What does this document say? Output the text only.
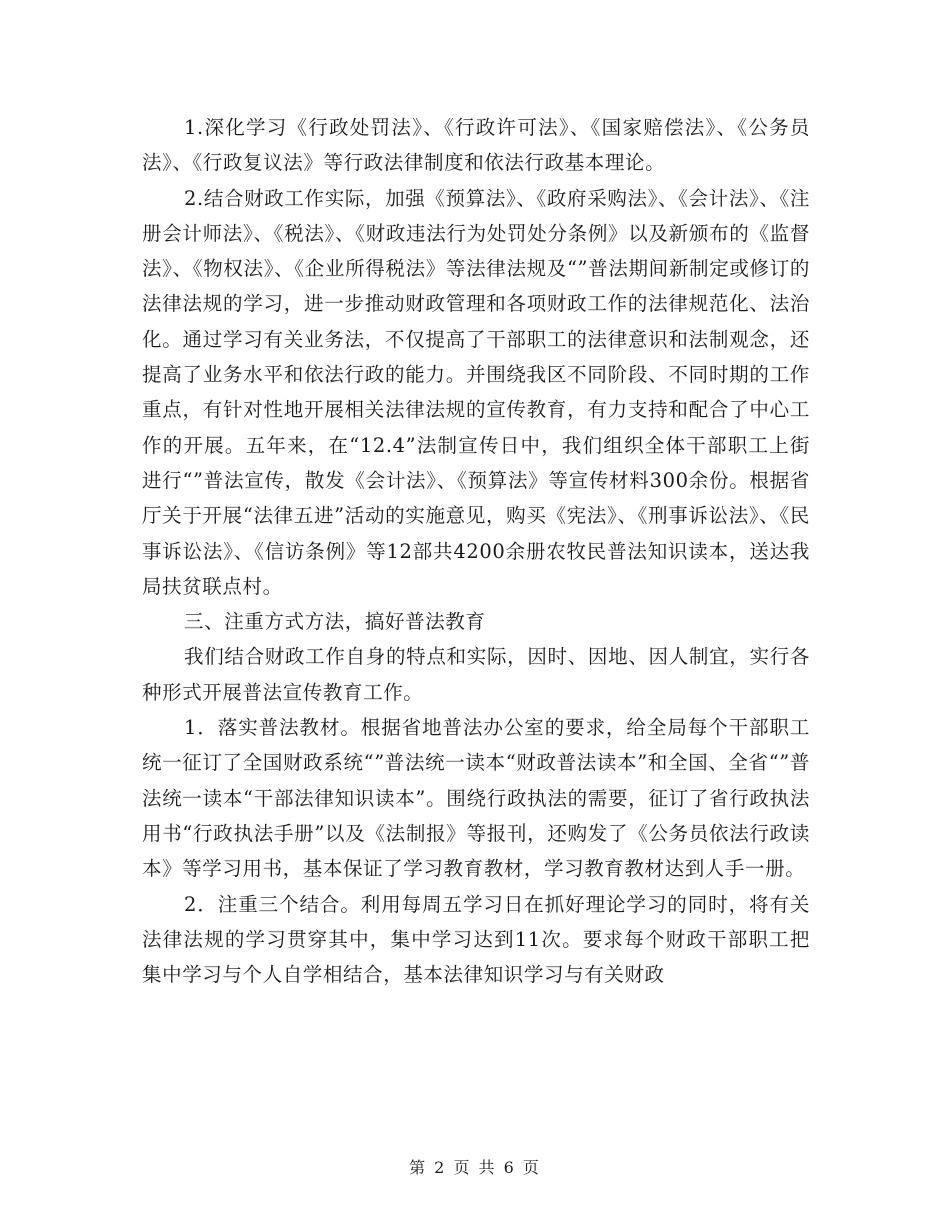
1.深化学习《行政处罚法》、《行政许可法》、《国家赔偿法》、《公务员法》、《行政复议法》等行政法律制度和依法行政基本理论。

2.结合财政工作实际，加强《预算法》、《政府采购法》、《会计法》、《注册会计师法》、《税法》、《财政违法行为处罚处分条例》以及新颁布的《监督法》、《物权法》、《企业所得税法》等法律法规及“”普法期间新制定或修订的法律法规的学习，进一步推动财政管理和各项财政工作的法律规范化、法治化。通过学习有关业务法，不仅提高了干部职工的法律意识和法制观念，还提高了业务水平和依法行政的能力。并围绕我区不同阶段、不同时期的工作重点，有针对性地开展相关法律法规的宣传教育，有力支持和配合了中心工作的开展。五年来，在“12.4”法制宣传日中，我们组织全体干部职工上街进行“”普法宣传，散发《会计法》、《预算法》等宣传材料300余份。根据省厅关于开展“法律五进”活动的实施意见，购买《宪法》、《刑事诉讼法》、《民事诉讼法》、《信访条例》等12部共4200余册农牧民普法知识读本，送达我局扶贫联点村。

三、注重方式方法，搞好普法教育

我们结合财政工作自身的特点和实际，因时、因地、因人制宜，实行各种形式开展普法宣传教育工作。

1．落实普法教材。根据省地普法办公室的要求，给全局每个干部职工统一征订了全国财政系统“”普法统一读本“财政普法读本”和全国、全省“”普法统一读本“干部法律知识读本”。围绕行政执法的需要，征订了省行政执法用书“行政执法手册”以及《法制报》等报刊，还购发了《公务员依法行政读本》等学习用书，基本保证了学习教育教材，学习教育教材达到人手一册。

2．注重三个结合。利用每周五学习日在抓好理论学习的同时，将有关法律法规的学习贯穿其中，集中学习达到11次。要求每个财政干部职工把集中学习与个人自学相结合，基本法律知识学习与有关财政

第 2 页 共 6 页
